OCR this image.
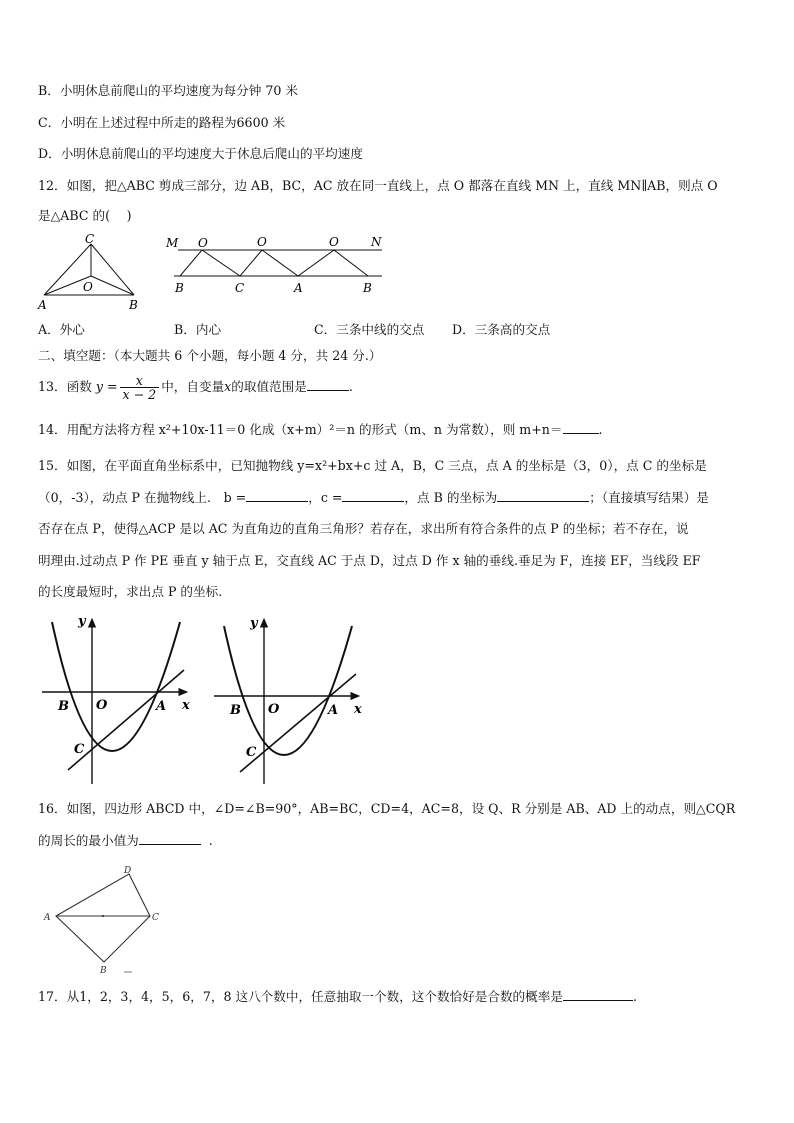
B．小明休息前爬山的平均速度为每分钟 70 米
C．小明在上述过程中所走的路程为6600 米
D．小明休息前爬山的平均速度大于休息后爬山的平均速度
12．如图，把△ABC 剪成三部分，边 AB，BC，AC 放在同一直线上，点 O 都落在直线 MN 上，直线 MN∥AB，则点 O
是△ABC 的(　 )
C
O
A	B
M O	O	O	N
B	C	A	B
A．外心	B．内心	C．三条中线的交点 D．三条高的交点
二、填空题：（本大题共 6 个小题，每小题 4 分，共 24 分.）
13．函数 $y = \frac{x}{x - 2}$ 中，自变量x的取值范围是	.
14．用配方法将方程 x²+10x-11＝0 化成（x+m）²＝n 的形式（m、n 为常数），则 m+n＝	.
15．如图，在平面直角坐标系中，已知抛物线 y=x²+bx+c 过 A，B，C 三点，点 A 的坐标是（3，0），点 C 的坐标是
（0，-3），动点 P 在抛物线上.　b =	，c =	，点 B 的坐标为	；（直接填写结果）是
否存在点 P，使得△ACP 是以 AC 为直角边的直角三角形？若存在，求出所有符合条件的点 P 的坐标；若不存在，说
明理由.过动点 P 作 PE 垂直 y 轴于点 E，交直线 AC 于点 D，过点 D 作 x 轴的垂线.垂足为 F，连接 EF，当线段 EF
的长度最短时，求出点 P 的坐标.
y
x
B O	A
C
y
x
B O	A
C
16．如图，四边形 ABCD 中，∠D=∠B=90°，AB=BC，CD=4，AC=8，设 Q、R 分别是 AB、AD 上的动点，则△CQR
的周长的最小值为	.
D
A	C
B
17．从1，2，3，4，5，6，7，8 这八个数中，任意抽取一个数，这个数恰好是合数的概率是	.
